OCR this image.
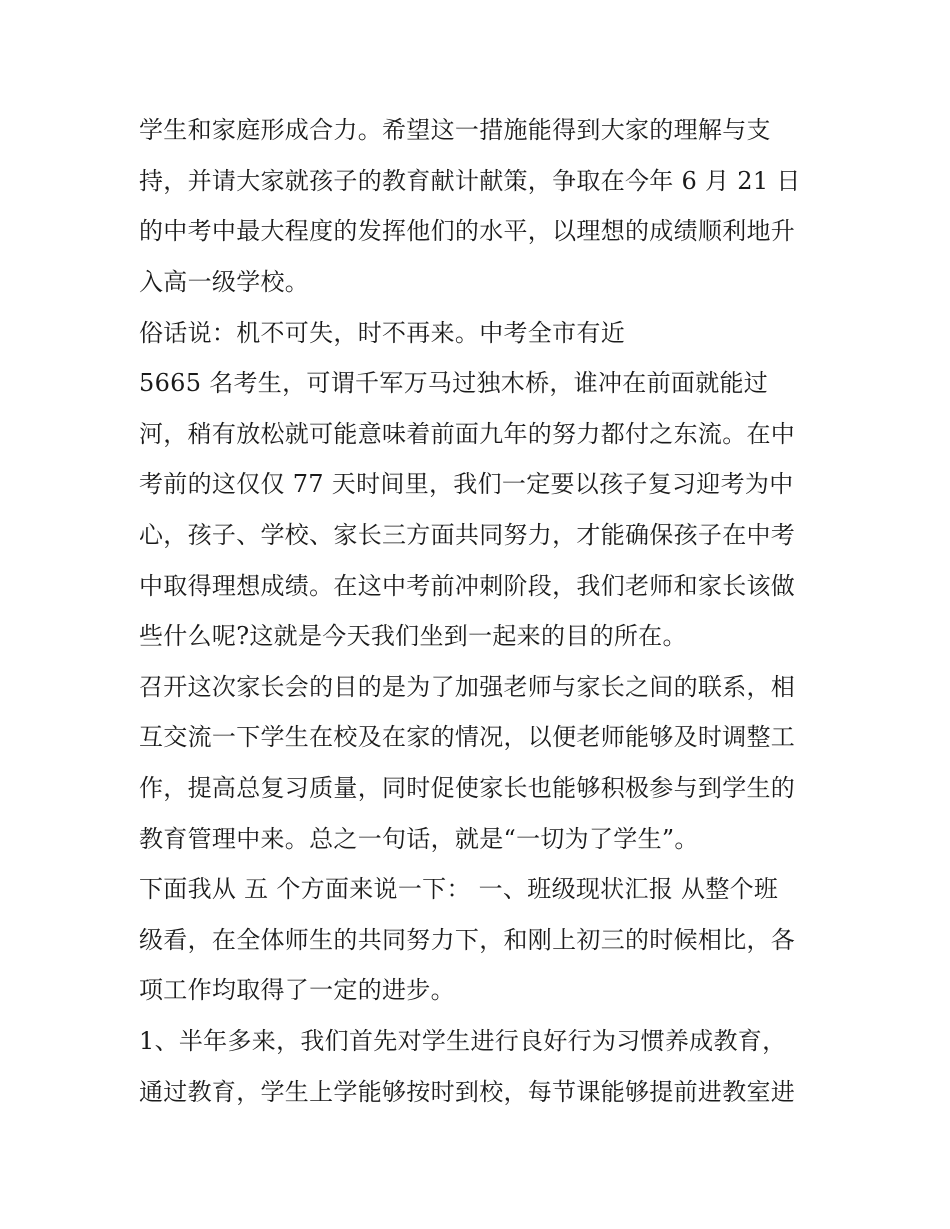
学生和家庭形成合力。希望这一措施能得到大家的理解与支
持，并请大家就孩子的教育献计献策，争取在今年 6 月 21 日
的中考中最大程度的发挥他们的水平，以理想的成绩顺利地升
入高一级学校。
俗话说：机不可失，时不再来。中考全市有近
5665 名考生，可谓千军万马过独木桥，谁冲在前面就能过
河，稍有放松就可能意味着前面九年的努力都付之东流。在中
考前的这仅仅 77 天时间里，我们一定要以孩子复习迎考为中
心，孩子、学校、家长三方面共同努力，才能确保孩子在中考
中取得理想成绩。在这中考前冲刺阶段，我们老师和家长该做
些什么呢?这就是今天我们坐到一起来的目的所在。
召开这次家长会的目的是为了加强老师与家长之间的联系，相
互交流一下学生在校及在家的情况，以便老师能够及时调整工
作，提高总复习质量，同时促使家长也能够积极参与到学生的
教育管理中来。总之一句话，就是“一切为了学生”。
下面我从 五 个方面来说一下： 一、班级现状汇报 从整个班
级看，在全体师生的共同努力下，和刚上初三的时候相比，各
项工作均取得了一定的进步。
1、半年多来，我们首先对学生进行良好行为习惯养成教育，
通过教育，学生上学能够按时到校，每节课能够提前进教室进
